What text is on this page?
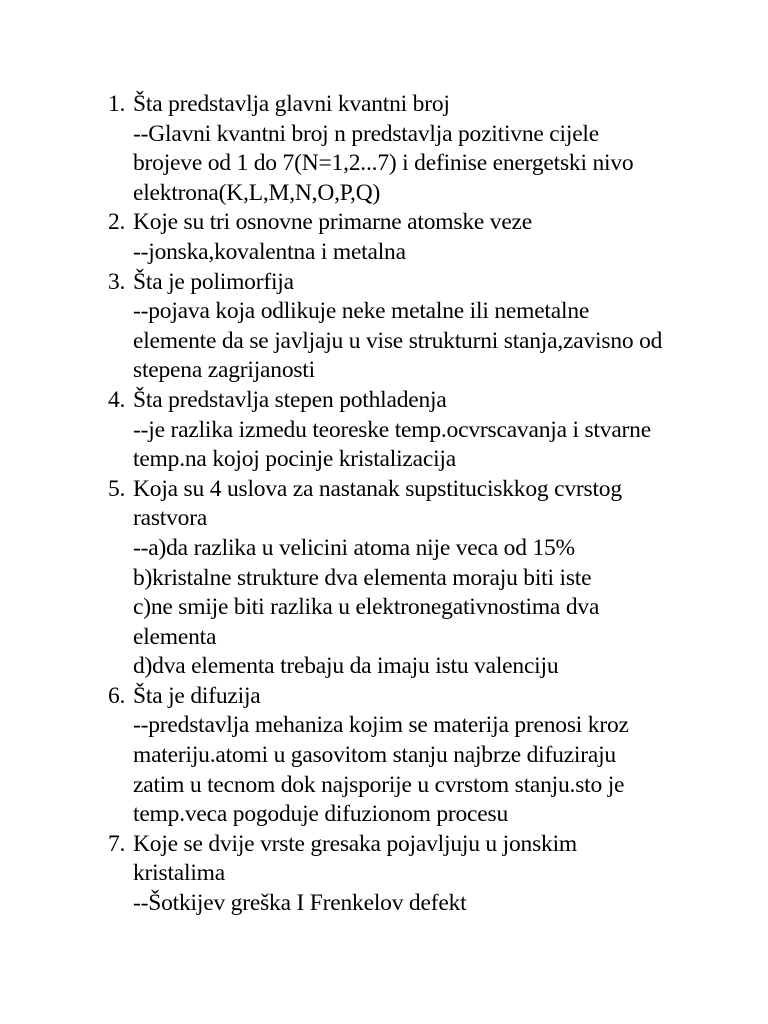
1. Šta predstavlja glavni kvantni broj
--Glavni kvantni broj n predstavlja pozitivne cijele
brojeve od 1 do 7(N=1,2...7) i definise energetski nivo
elektrona(K,L,M,N,O,P,Q)
2. Koje su tri osnovne primarne atomske veze
--jonska,kovalentna i metalna
3. Šta je polimorfija
--pojava koja odlikuje neke metalne ili nemetalne
elemente da se javljaju u vise strukturni stanja,zavisno od
stepena zagrijanosti
4. Šta predstavlja stepen pothladenja
--je razlika izmedu teoreske temp.ocvrscavanja i stvarne
temp.na kojoj pocinje kristalizacija
5. Koja su 4 uslova za nastanak supstituciskkog cvrstog
rastvora
--a)da razlika u velicini atoma nije veca od 15%
b)kristalne strukture dva elementa moraju biti iste
c)ne smije biti razlika u elektronegativnostima dva
elementa
d)dva elementa trebaju da imaju istu valenciju
6. Šta je difuzija
--predstavlja mehaniza kojim se materija prenosi kroz
materiju.atomi u gasovitom stanju najbrze difuziraju
zatim u tecnom dok najsporije u cvrstom stanju.sto je
temp.veca pogoduje difuzionom procesu
7. Koje se dvije vrste gresaka pojavljuju u jonskim
kristalima
--Šotkijev greška I Frenkelov defekt
